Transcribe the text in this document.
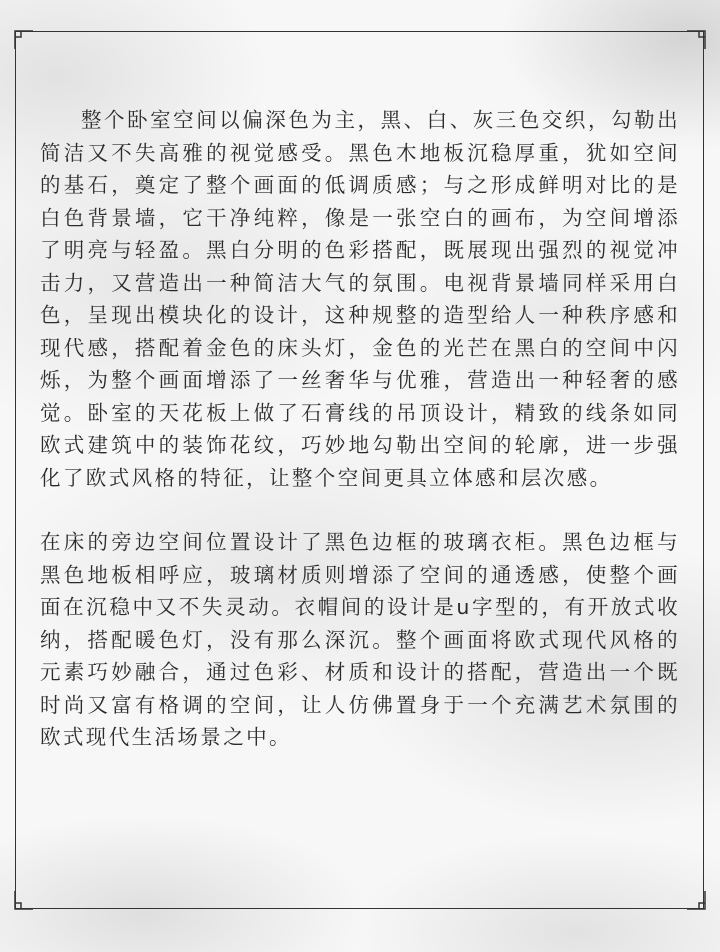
整个卧室空间以偏深色为主，黑、白、灰三色交织，勾勒出简洁又不失高雅的视觉感受。黑色木地板沉稳厚重，犹如空间的基石，奠定了整个画面的低调质感；与之形成鲜明对比的是白色背景墙，它干净纯粹，像是一张空白的画布，为空间增添了明亮与轻盈。黑白分明的色彩搭配，既展现出强烈的视觉冲击力，又营造出一种简洁大气的氛围。电视背景墙同样采用白色，呈现出模块化的设计，这种规整的造型给人一种秩序感和现代感，搭配着金色的床头灯，金色的光芒在黑白的空间中闪烁，为整个画面增添了一丝奢华与优雅，营造出一种轻奢的感觉。卧室的天花板上做了石膏线的吊顶设计，精致的线条如同欧式建筑中的装饰花纹，巧妙地勾勒出空间的轮廓，进一步强化了欧式风格的特征，让整个空间更具立体感和层次感。

在床的旁边空间位置设计了黑色边框的玻璃衣柜。黑色边框与黑色地板相呼应，玻璃材质则增添了空间的通透感，使整个画面在沉稳中又不失灵动。衣帽间的设计是u字型的，有开放式收纳，搭配暖色灯，没有那么深沉。整个画面将欧式现代风格的元素巧妙融合，通过色彩、材质和设计的搭配，营造出一个既时尚又富有格调的空间，让人仿佛置身于一个充满艺术氛围的欧式现代生活场景之中。
